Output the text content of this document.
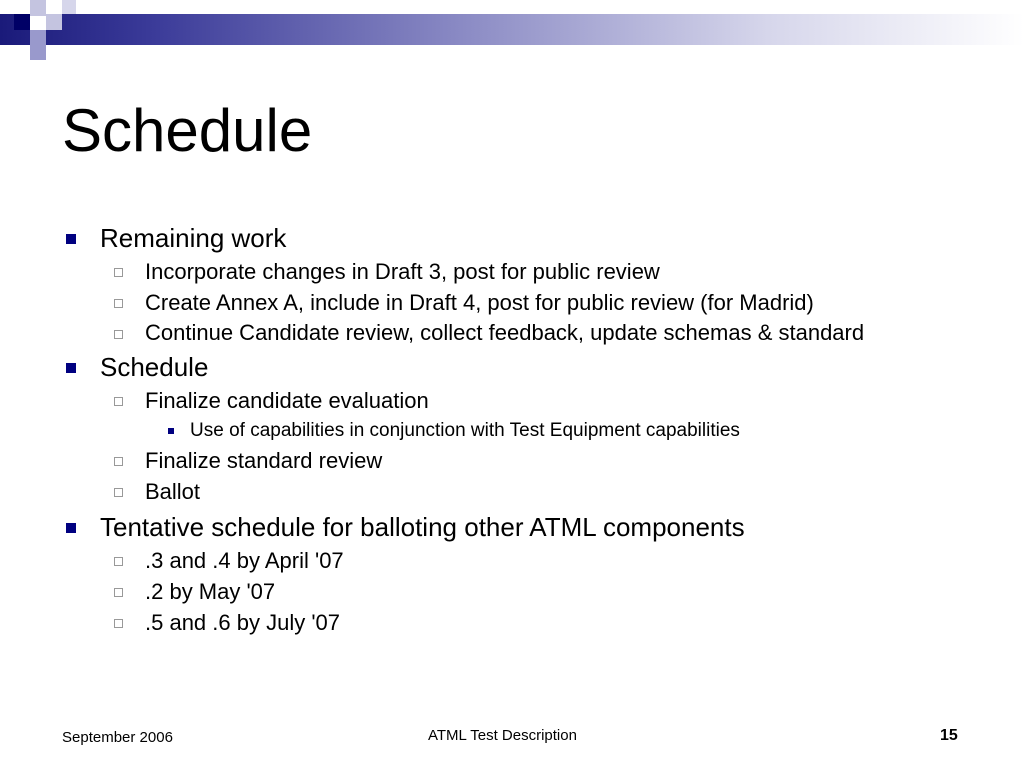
Schedule
Remaining work
Incorporate changes in Draft 3, post for public review
Create Annex A, include in Draft 4, post for public review (for Madrid)
Continue Candidate review, collect feedback, update schemas & standard
Schedule
Finalize candidate evaluation
Use of capabilities in conjunction with Test Equipment capabilities
Finalize standard review
Ballot
Tentative schedule for balloting other ATML components
.3 and .4 by April '07
.2 by May '07
.5 and .6 by July '07
September 2006	ATML Test Description	15
